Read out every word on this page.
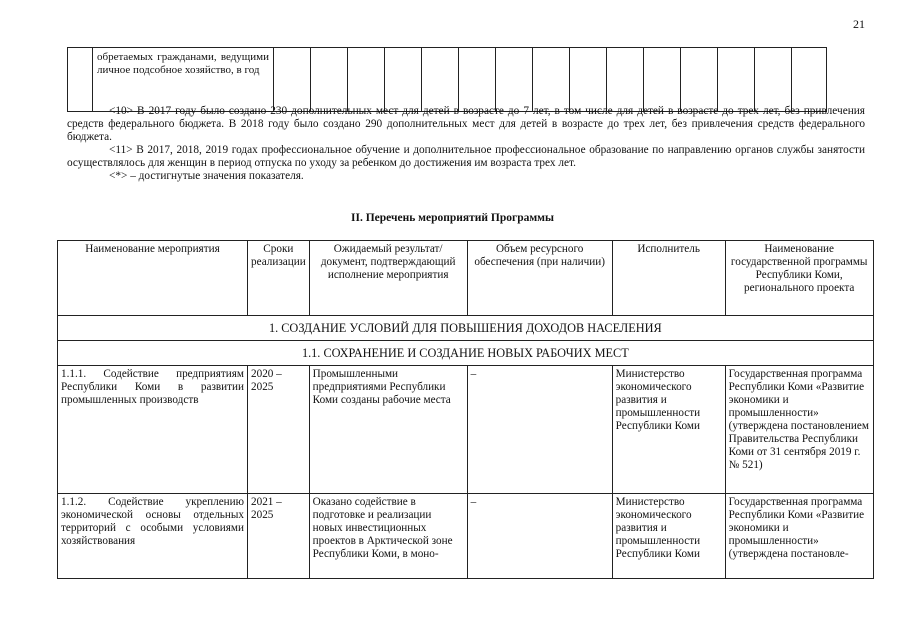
21
	обретаемых гражданами, ведущими личное подсобное хозяйство, в год															

<10> В 2017 году было создано 230 дополнительных мест для детей в возрасте до 7 лет, в том числе для детей в возрасте до трех лет, без привлечения средств федерального бюджета. В 2018 году было создано 290 дополнительных мест для детей в возрасте до трех лет, без привлечения средств федерального бюджета.

<11> В 2017, 2018, 2019 годах профессиональное обучение и дополнительное профессиональное образование по направлению органов службы занятости осуществлялось для женщин в период отпуска по уходу за ребенком до достижения им возраста трех лет.

<*> – достигнутые значения показателя.

II. Перечень мероприятий Программы
Наименование мероприятия	Сроки реализации	Ожидаемый результат/документ, подтверждающий исполнение мероприятия	Объем ресурсного обеспечения (при наличии)	Исполнитель	Наименование государственной программы Республики Коми, регионального проекта
1. СОЗДАНИЕ УСЛОВИЙ ДЛЯ ПОВЫШЕНИЯ ДОХОДОВ НАСЕЛЕНИЯ					
1.1. СОХРАНЕНИЕ И СОЗДАНИЕ НОВЫХ РАБОЧИХ МЕСТ					
1.1.1. Содействие предприятиям Республики Коми в развитии промышленных производств	2020 – 2025	Промышленными предприятиями Республики Коми созданы рабочие места	–	Министерство экономического развития и промышленности Республики Коми	Государственная программа Республики Коми «Развитие экономики и промышленности» (утверждена постановлением Правительства Республики Коми от 31 сентября 2019 г. № 521)
1.1.2. Содействие укреплению экономической основы отдельных территорий с особыми условиями хозяйствования	2021 – 2025	Оказано содействие в подготовке и реализации новых инвестиционных проектов в Арктической зоне Республики Коми, в моно-	–	Министерство экономического развития и промышленности Республики Коми	Государственная программа Республики Коми «Развитие экономики и промышленности» (утверждена постановле-
